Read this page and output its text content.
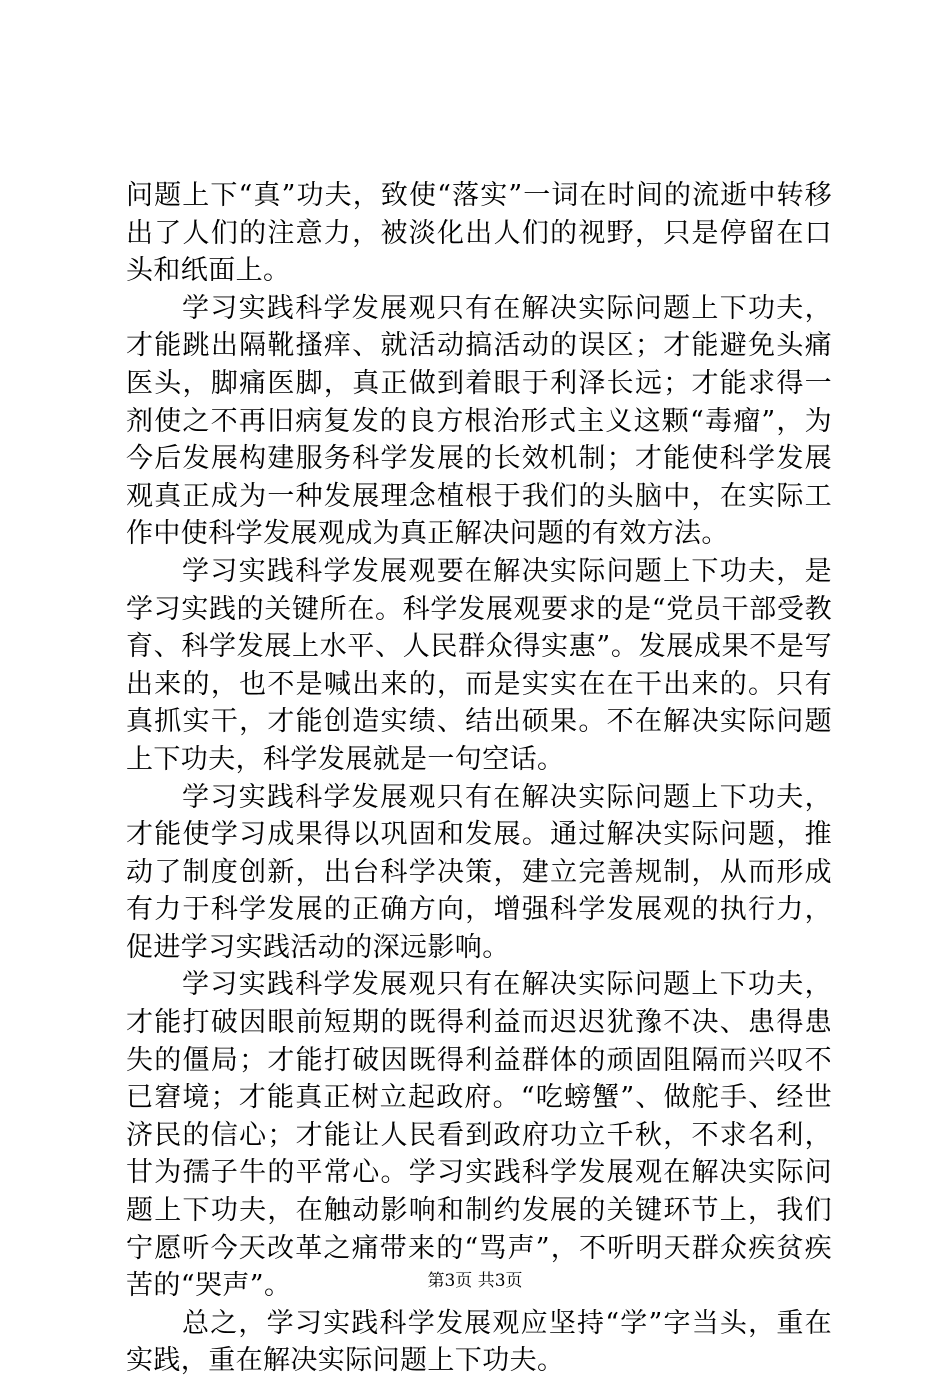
问题上下“真”功夫，致使“落实”一词在时间的流逝中转移出了人们的注意力，被淡化出人们的视野，只是停留在口头和纸面上。

学习实践科学发展观只有在解决实际问题上下功夫，才能跳出隔靴搔痒、就活动搞活动的误区；才能避免头痛医头，脚痛医脚，真正做到着眼于利泽长远；才能求得一剂使之不再旧病复发的良方根治形式主义这颗“毒瘤”，为今后发展构建服务科学发展的长效机制；才能使科学发展观真正成为一种发展理念植根于我们的头脑中，在实际工作中使科学发展观成为真正解决问题的有效方法。

学习实践科学发展观要在解决实际问题上下功夫，是学习实践的关键所在。科学发展观要求的是“党员干部受教育、科学发展上水平、人民群众得实惠”。发展成果不是写出来的，也不是喊出来的，而是实实在在干出来的。只有真抓实干，才能创造实绩、结出硕果。不在解决实际问题上下功夫，科学发展就是一句空话。

学习实践科学发展观只有在解决实际问题上下功夫，才能使学习成果得以巩固和发展。通过解决实际问题，推动了制度创新，出台科学决策，建立完善规制，从而形成有力于科学发展的正确方向，增强科学发展观的执行力，促进学习实践活动的深远影响。

学习实践科学发展观只有在解决实际问题上下功夫，才能打破因眼前短期的既得利益而迟迟犹豫不决、患得患失的僵局；才能打破因既得利益群体的顽固阻隔而兴叹不已窘境；才能真正树立起政府。“吃螃蟹”、做舵手、经世济民的信心；才能让人民看到政府功立千秋，不求名利，甘为孺子牛的平常心。学习实践科学发展观在解决实际问题上下功夫，在触动影响和制约发展的关键环节上，我们宁愿听今天改革之痛带来的“骂声”，不听明天群众疾贫疾苦的“哭声”。

总之，学习实践科学发展观应坚持“学”字当头，重在实践，重在解决实际问题上下功夫。

第3页 共3页
